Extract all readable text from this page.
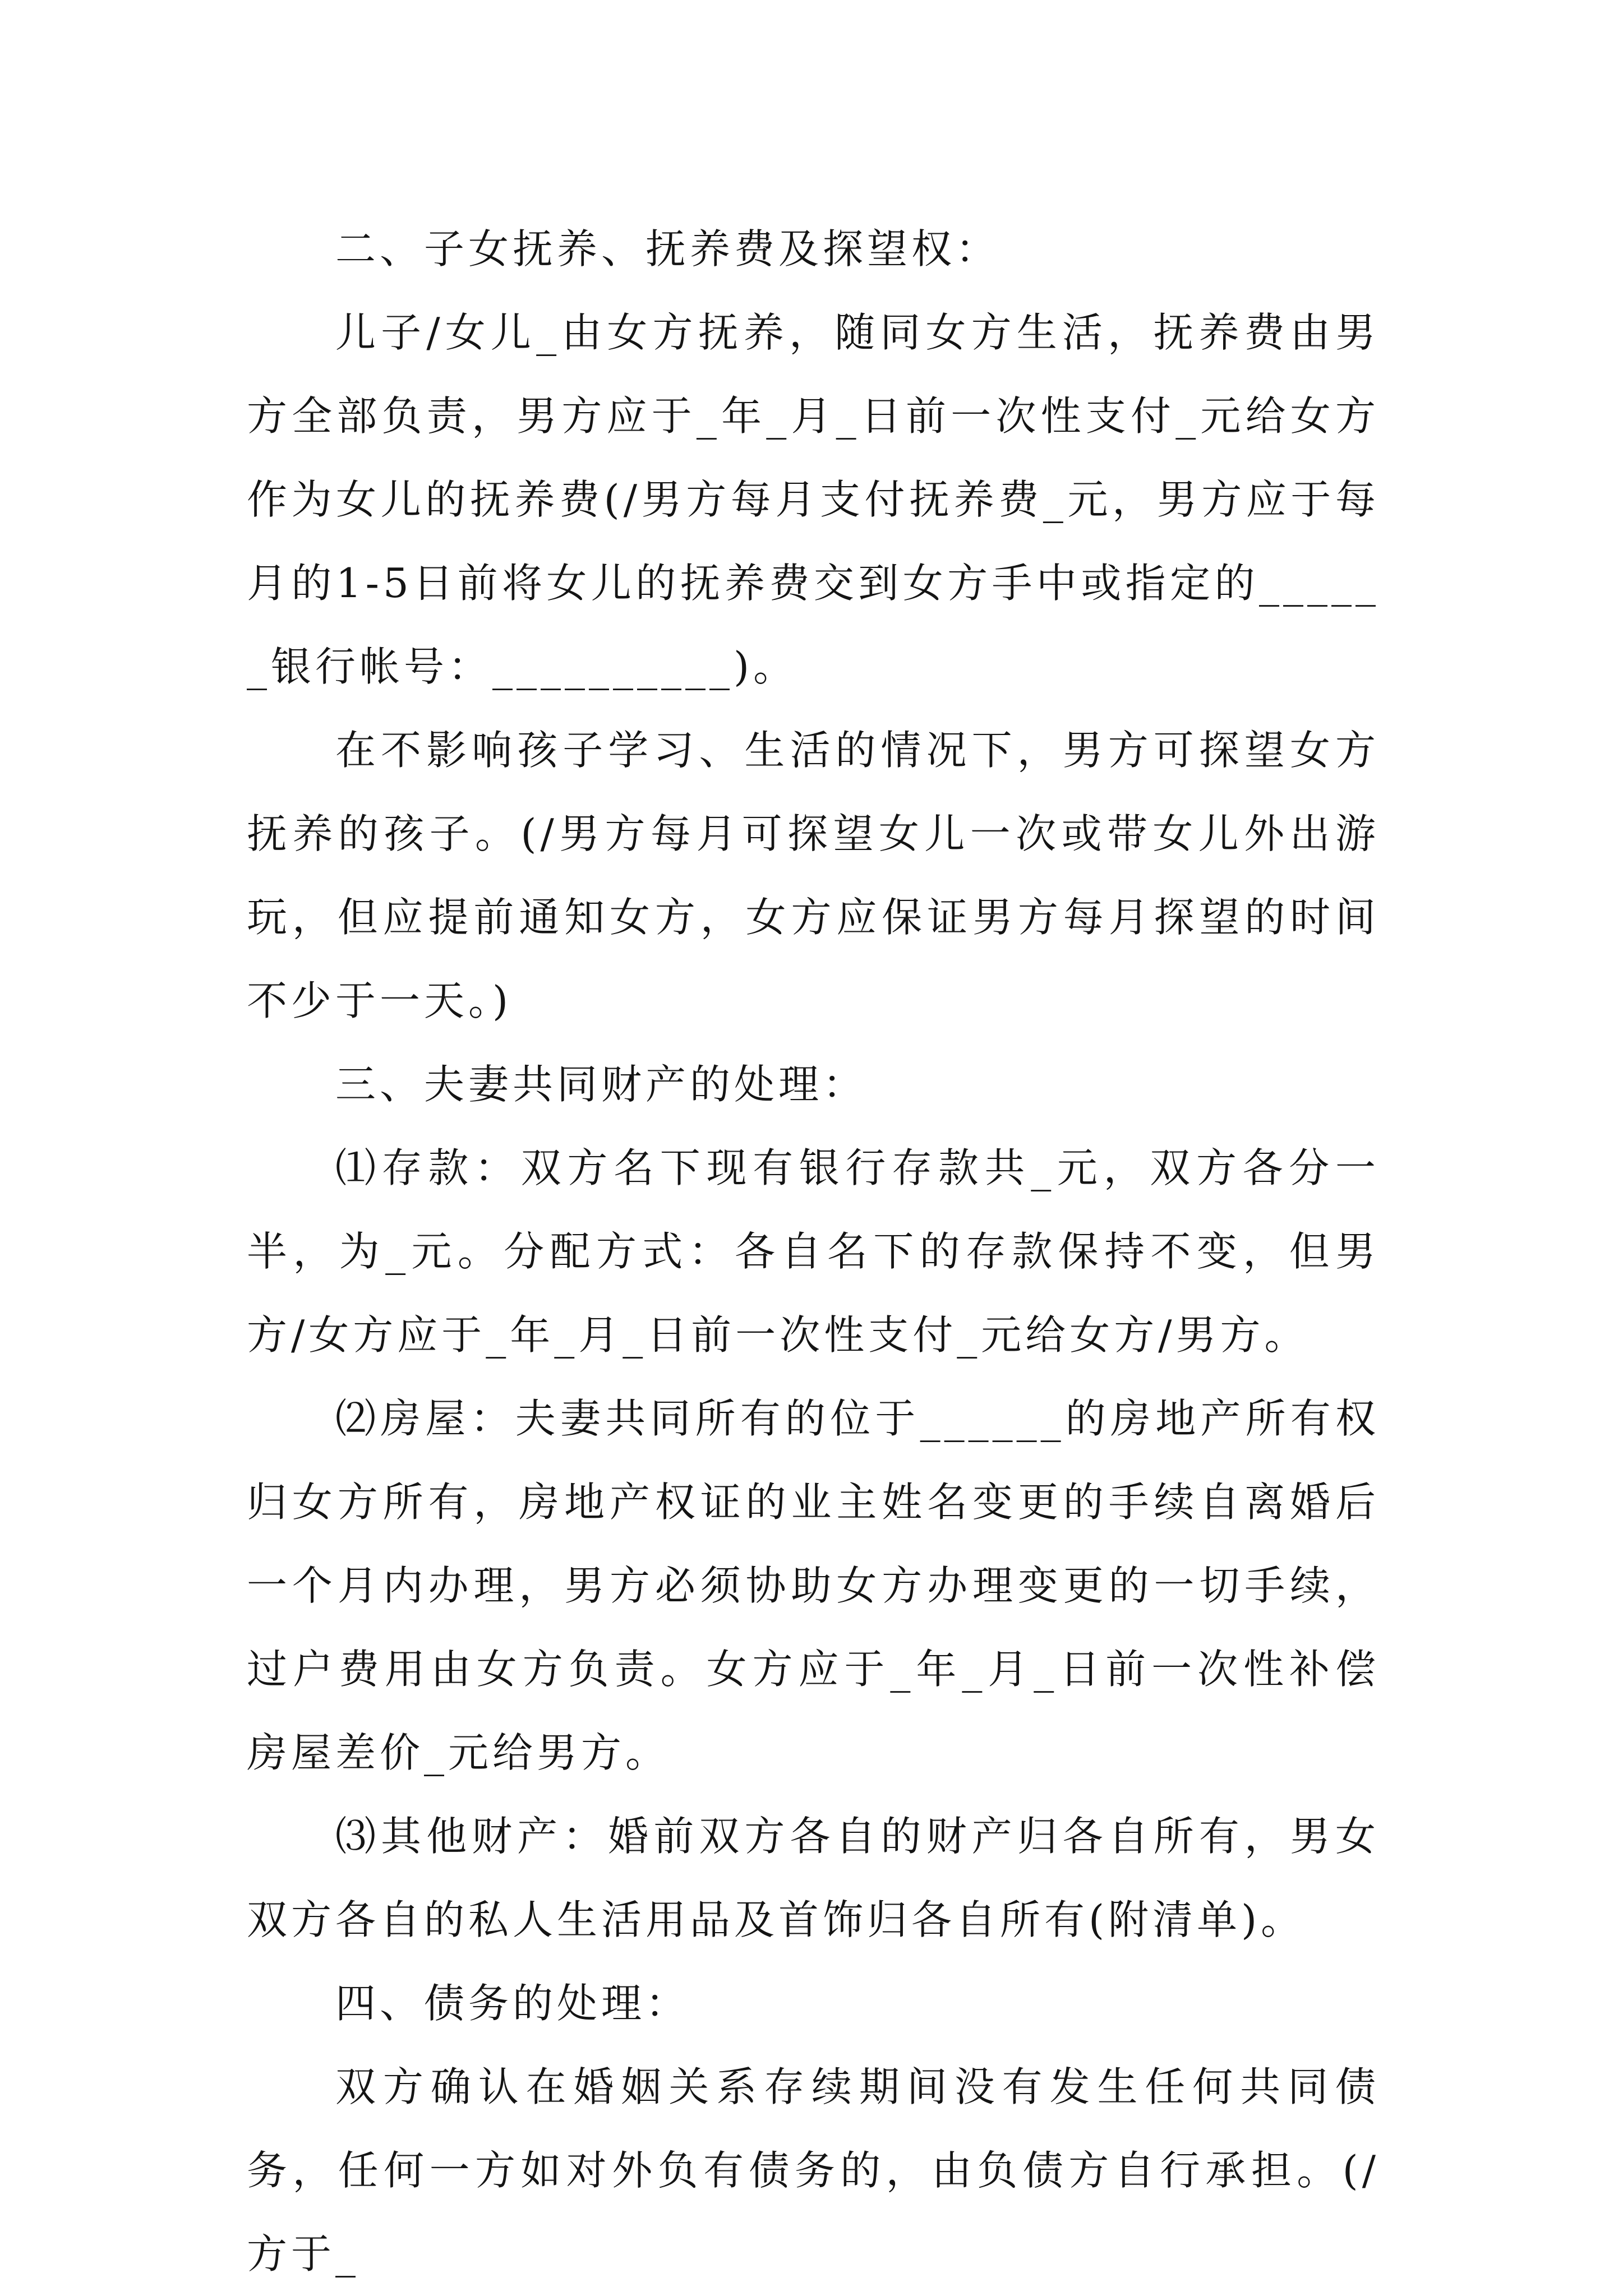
二、子女抚养、抚养费及探望权：

儿子/女儿_由女方抚养，随同女方生活，抚养费由男方全部负责，男方应于_年_月_日前一次性支付_元给女方作为女儿的抚养费(/男方每月支付抚养费_元，男方应于每月的1-5日前将女儿的抚养费交到女方手中或指定的______银行帐号：__________)。

在不影响孩子学习、生活的情况下，男方可探望女方抚养的孩子。(/男方每月可探望女儿一次或带女儿外出游玩，但应提前通知女方，女方应保证男方每月探望的时间不少于一天。)

三、夫妻共同财产的处理：

⑴存款：双方名下现有银行存款共_元，双方各分一半，为_元。分配方式：各自名下的存款保持不变，但男方/女方应于_年_月_日前一次性支付_元给女方/男方。

⑵房屋：夫妻共同所有的位于______的房地产所有权归女方所有，房地产权证的业主姓名变更的手续自离婚后一个月内办理，男方必须协助女方办理变更的一切手续，过户费用由女方负责。女方应于_年_月_日前一次性补偿房屋差价_元给男方。

⑶其他财产：婚前双方各自的财产归各自所有，男女双方各自的私人生活用品及首饰归各自所有(附清单)。

四、债务的处理：

双方确认在婚姻关系存续期间没有发生任何共同债务，任何一方如对外负有债务的，由负债方自行承担。(/方于_
